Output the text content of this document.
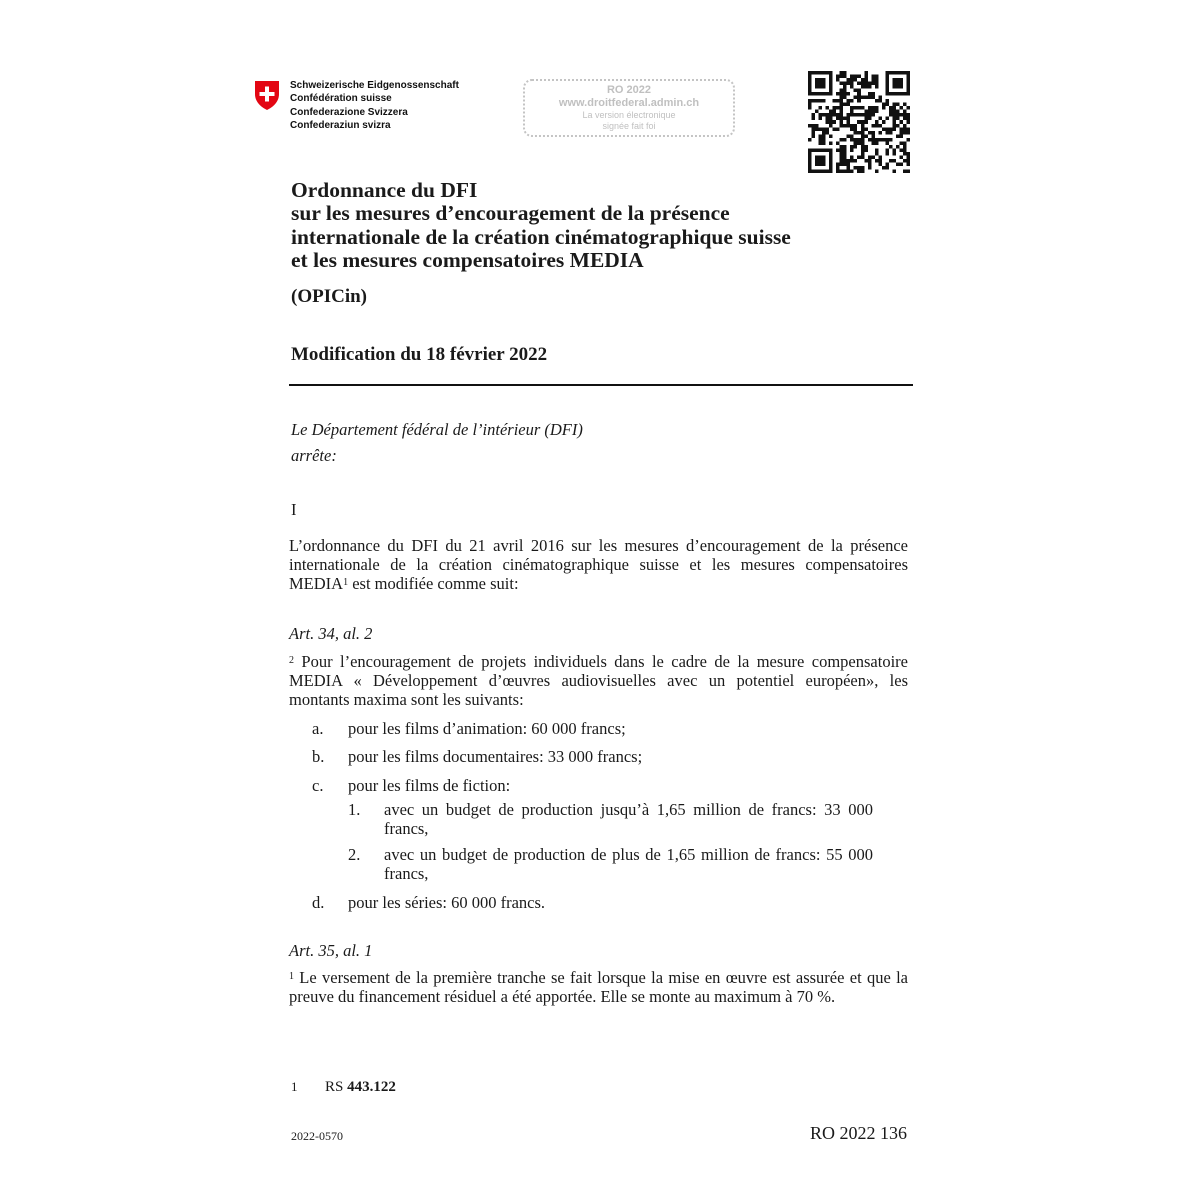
Schweizerische Eidgenossenschaft
Confédération suisse
Confederazione Svizzera
Confederaziun svizra
RO 2022
www.droitfederal.admin.ch
La version électronique
signée fait foi
Ordonnance du DFI
sur les mesures d’encouragement de la présence
internationale de la création cinématographique suisse
et les mesures compensatoires MEDIA
(OPICin)
Modification du 18 février 2022
Le Département fédéral de l’intérieur (DFI)
arrête:
I
L’ordonnance du DFI du 21 avril 2016 sur les mesures d’encouragement de la présence internationale de la création cinématographique suisse et les mesures compensatoires MEDIA$^1$ est modifiée comme suit:
Art. 34, al. 2
$^2$ Pour l’encouragement de projets individuels dans le cadre de la mesure compensatoire MEDIA « Développement d’œuvres audiovisuelles avec un potentiel européen», les montants maxima sont les suivants:
a. pour les films d’animation: 60 000 francs;
b. pour les films documentaires: 33 000 francs;
c. pour les films de fiction:
1. avec un budget de production jusqu’à 1,65 million de francs: 33 000 francs,
2. avec un budget de production de plus de 1,65 million de francs: 55 000 francs,
d. pour les séries: 60 000 francs.
Art. 35, al. 1
$^1$ Le versement de la première tranche se fait lorsque la mise en œuvre est assurée et que la preuve du financement résiduel a été apportée. Elle se monte au maximum à 70 %.
1 RS 443.122
2022-0570	RO 2022 136
